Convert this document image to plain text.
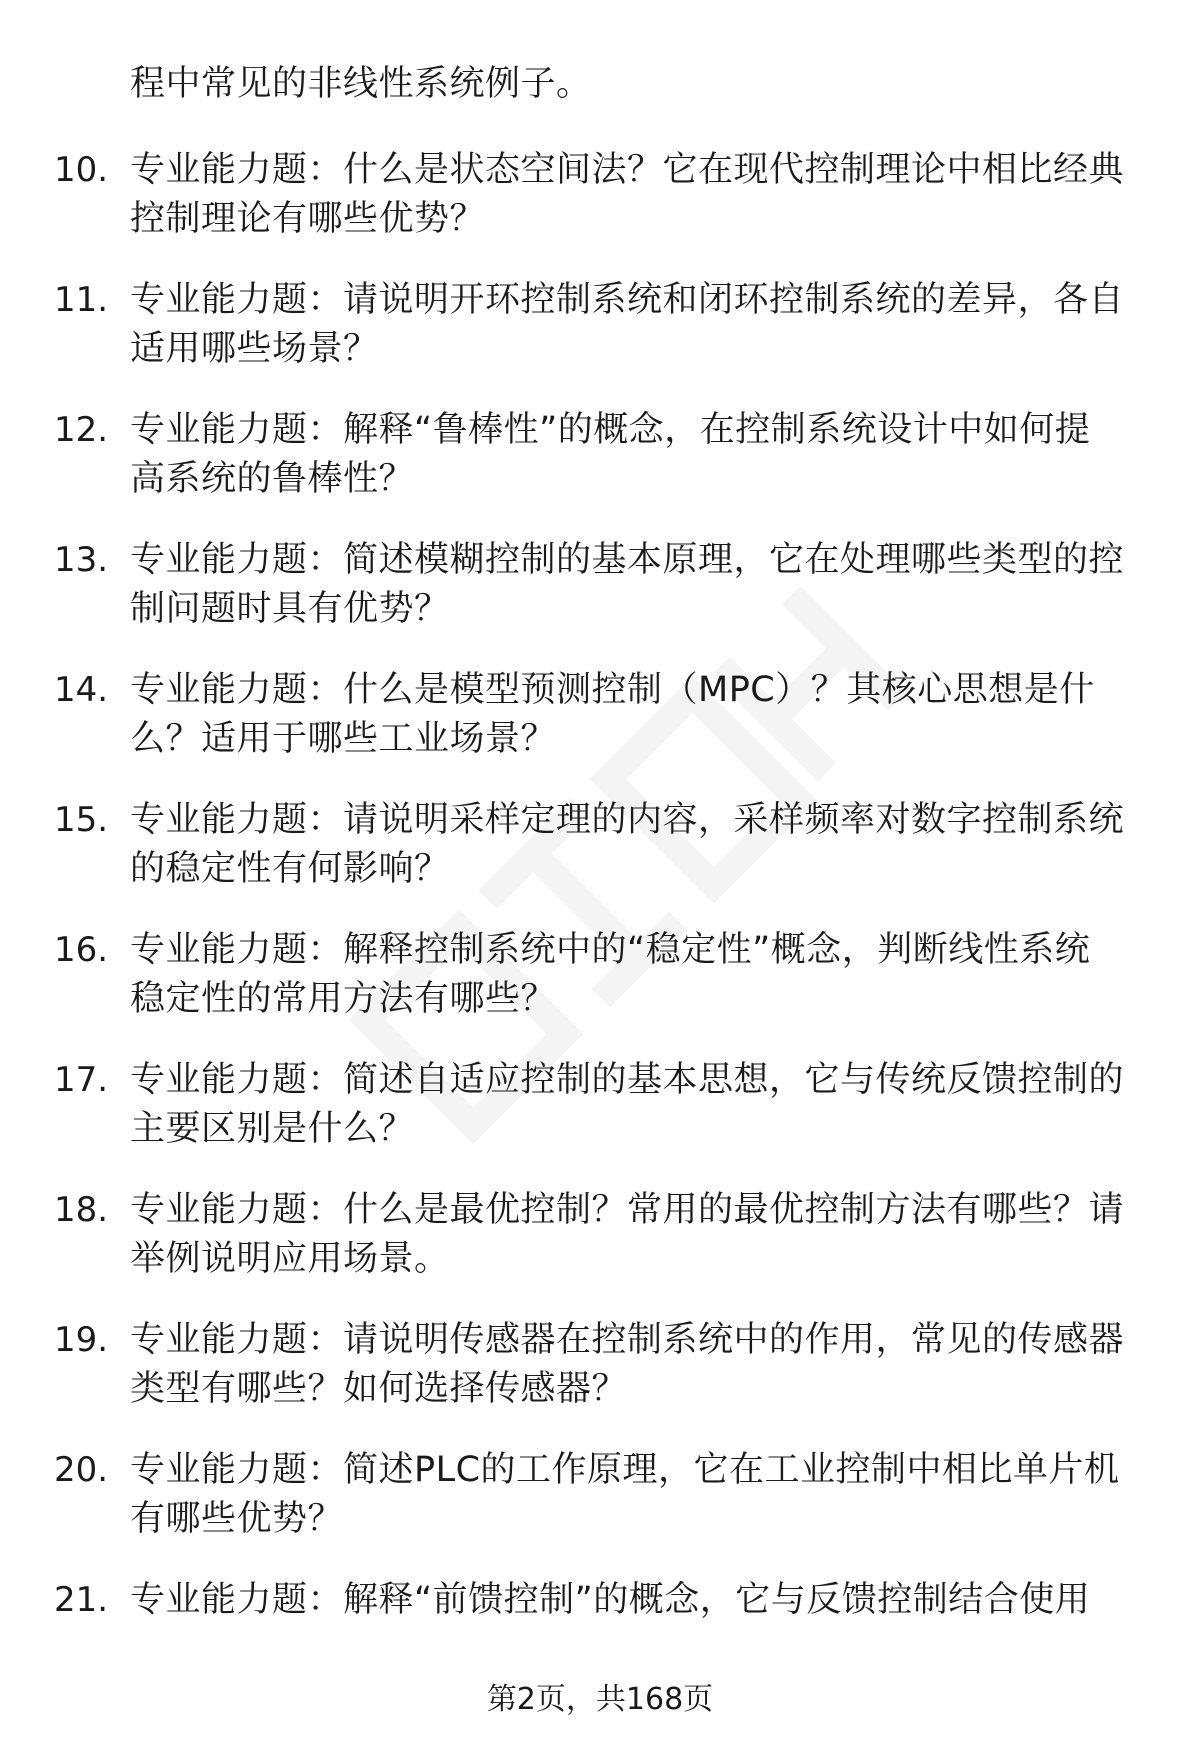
程中常见的非线性系统例子。
10. 专业能力题：什么是状态空间法？它在现代控制理论中相比经典
控制理论有哪些优势？
11. 专业能力题：请说明开环控制系统和闭环控制系统的差异，各自
适用哪些场景？
12. 专业能力题：解释“鲁棒性”的概念，在控制系统设计中如何提
高系统的鲁棒性？
13. 专业能力题：简述模糊控制的基本原理，它在处理哪些类型的控
制问题时具有优势？
14. 专业能力题：什么是模型预测控制（MPC）？其核心思想是什
么？适用于哪些工业场景？
15. 专业能力题：请说明采样定理的内容，采样频率对数字控制系统
的稳定性有何影响？
16. 专业能力题：解释控制系统中的“稳定性”概念，判断线性系统
稳定性的常用方法有哪些？
17. 专业能力题：简述自适应控制的基本思想，它与传统反馈控制的
主要区别是什么？
18. 专业能力题：什么是最优控制？常用的最优控制方法有哪些？请
举例说明应用场景。
19. 专业能力题：请说明传感器在控制系统中的作用，常见的传感器
类型有哪些？如何选择传感器？
20. 专业能力题：简述PLC的工作原理，它在工业控制中相比单片机
有哪些优势？
21. 专业能力题：解释“前馈控制”的概念，它与反馈控制结合使用
第2页，共168页
